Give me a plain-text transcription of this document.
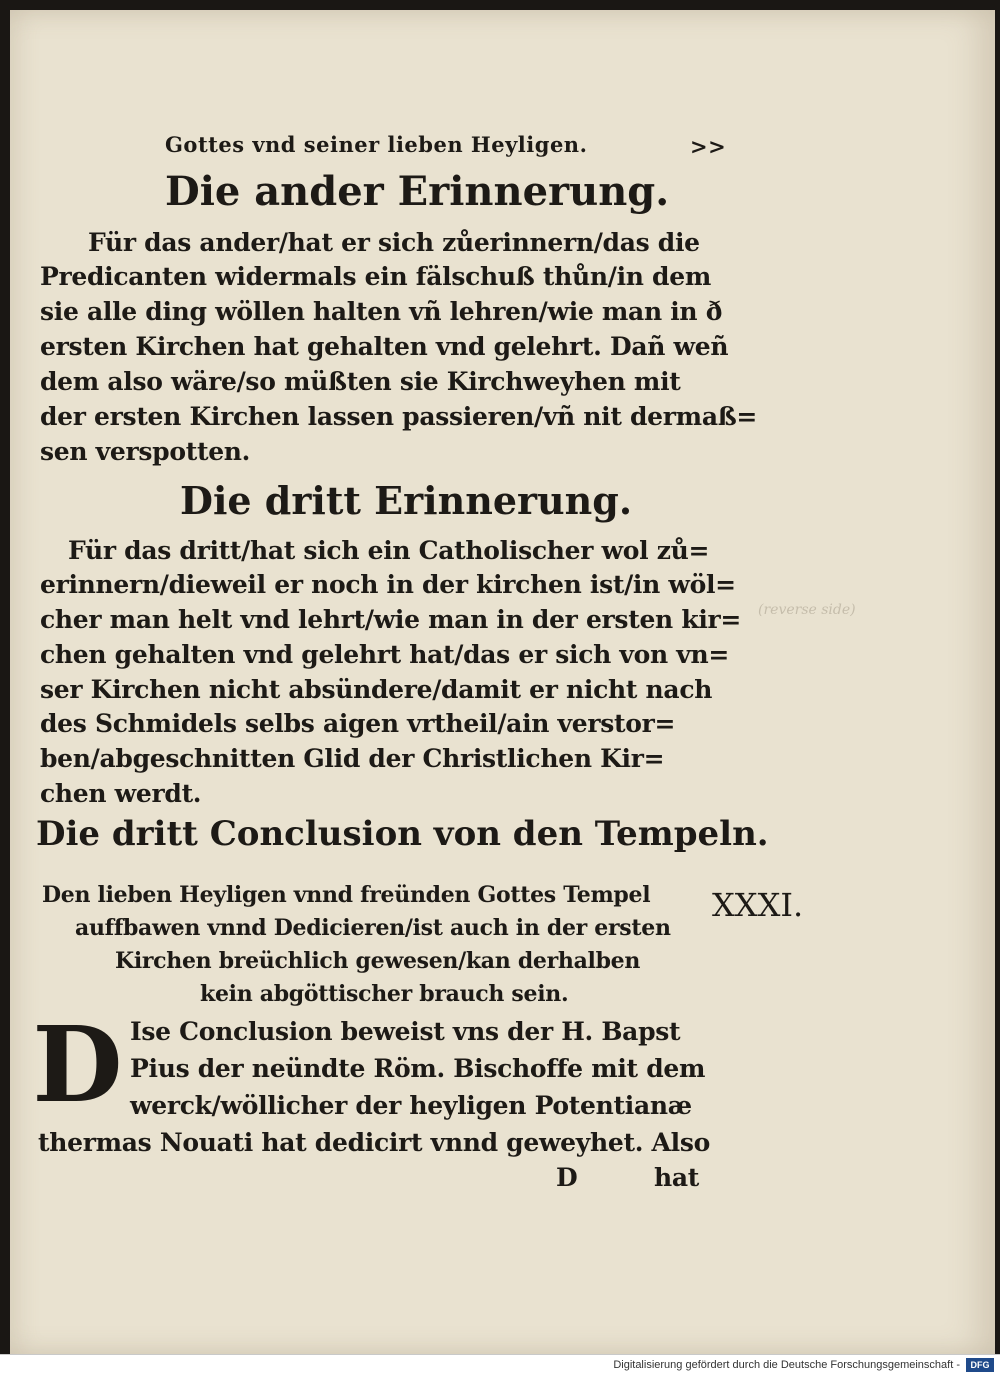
(reverse side)
Gottes vnd seiner lieben Heyligen.	>>
Die ander Erinnerung.
Für das ander/hat er sich zůerinnern/das die
Predicanten widermals ein fälschuß thůn/in dem
sie alle ding wöllen halten vñ lehren/wie man in ð
ersten Kirchen hat gehalten vnd gelehrt. Dañ weñ
dem also wäre/so müßten sie Kirchweyhen mit
der ersten Kirchen lassen passieren/vñ nit dermaß=
sen verspotten.
Die dritt Erinnerung.
Für das dritt/hat sich ein Catholischer wol zů=
erinnern/dieweil er noch in der kirchen ist/in wöl=
cher man helt vnd lehrt/wie man in der ersten kir=
chen gehalten vnd gelehrt hat/das er sich von vn=
ser Kirchen nicht absündere/damit er nicht nach
des Schmidels selbs aigen vrtheil/ain verstor=
ben/abgeschnitten Glid der Christlichen Kir=
chen werdt.
Die dritt Conclusion von den Tempeln.
XXXI.
Den lieben Heyligen vnnd freünden Gottes Tempel
auffbawen vnnd Dedicieren/ist auch in der ersten
Kirchen breüchlich gewesen/kan derhalben
kein abgöttischer brauch sein.
D Ise Conclusion beweist vns der H. Bapst
Pius der neündte Röm. Bischoffe mit dem
werck/wöllicher der heyligen Potentianæ
thermas Nouati hat dedicirt vnnd geweyhet. Also
D	hat
Digitalisierung gefördert durch die Deutsche Forschungsgemeinschaft -	DFG
